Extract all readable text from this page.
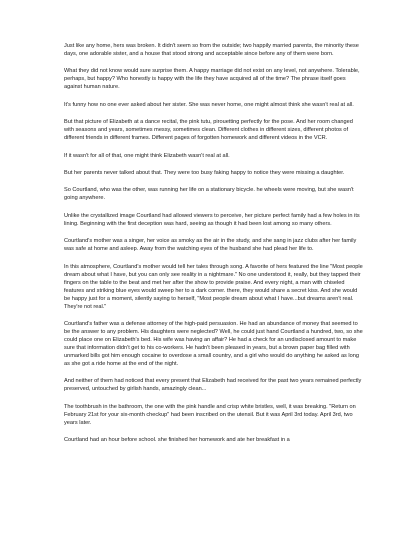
Just like any home, hers was broken. It didn't seem so from the outside; two happily married parents, the minority these days, one adorable sister, and a house that stood strong and acceptable since before any of them were born.

What they did not know would sure surprise them. A happy marriage did not exist on any level, not anywhere. Tolerable, perhaps, but happy? Who honestly is happy with the life they have acquired all of the time? The phrase itself goes against human nature.

It's funny how no one ever asked about her sister. She was never home, one might almost think she wasn't real at all.

But that picture of Elizabeth at a dance recital, the pink tutu, pirouetting perfectly for the pose. And her room changed with seasons and years, sometimes messy, sometimes clean. Different clothes in different sizes, different photos of different friends in different frames. Different pages of forgotten homework and different videos in the VCR.

If it wasn't for all of that, one might think Elizabeth wasn't real at all.

But her parents never talked about that. They were too busy faking happy to notice they were missing a daughter.

So Courtland, who was the other, was running her life on a stationary bicycle. he wheels were moving, but she wasn't going anywhere.

Unlike the crystallized image Courtland had allowed viewers to perceive, her picture perfect family had a few holes in its lining. Beginning with the first deception was hard, seeing as though it had been lost among so many others.

Courtland's mother was a singer, her voice as smoky as the air in the study, and she sang in jazz clubs after her family was safe at home and asleep. Away from the watching eyes of the husband she had plead her life to.

In this atmosphere, Courtland's mother would tell her tales through song. A favorite of hers featured the line "Most people dream about what I have, but you can only see reality in a nightmare." No one understood it, really, but they tapped their fingers on the table to the beat and met her after the show to provide praise. And every night, a man with chiseled features and striking blue eyes would sweep her to a dark corner. there, they would share a secret kiss. And she would be happy just for a moment, silently saying to herself, "Most people dream about what I have...but dreams aren't real. They're not real."

Courtland's father was a defense attorney of the high-paid persuasion. He had an abundance of money that seemed to be the answer to any problem. His daughters were neglected? Well, he could just hand Courtland a hundred, two, so she could place one on Elizabeth's bed. His wife was having an affair? He had a check for an undisclosed amount to make sure that information didn't get to his co-workers. He hadn't been pleased in years, but a brown paper bag filled with unmarked bills got him enough cocaine to overdose a small country, and a girl who would do anything he asked as long as she got a ride home at the end of the night.

And neither of them had noticed that every present that Elizabeth had received for the past two years remained perfectly preserved, untouched by girlish hands, amazingly clean...

The toothbrush in the bathroom, the one with the pink handle and crisp white bristles, well, it was breaking. "Return on February 21st for your six-month checkup" had been inscribed on the utensil. But it was April 3rd today. April 3rd, two years later.

Courtland had an hour before school. she finished her homework and ate her breakfast in a
